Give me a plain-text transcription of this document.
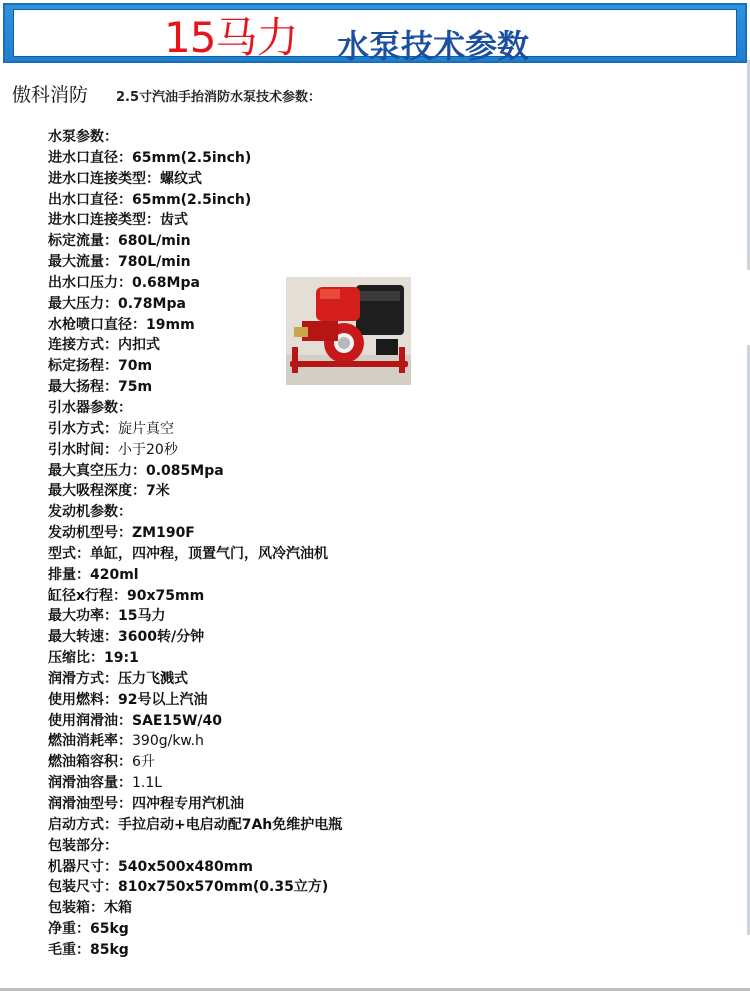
15马力 水泵技术参数
傲科消防 2.5寸汽油手抬消防水泵技术参数：
水泵参数：
进水口直径：65mm(2.5inch)
进水口连接类型：螺纹式
出水口直径：65mm(2.5inch)
进水口连接类型：齿式
标定流量：680L/min
最大流量：780L/min
出水口压力：0.68Mpa
最大压力：0.78Mpa
水枪喷口直径：19mm
连接方式：内扣式
标定扬程：70m
最大扬程：75m
引水器参数：
引水方式：旋片真空
引水时间：小于20秒
最大真空压力：0.085Mpa
最大吸程深度：7米
发动机参数：
发动机型号：ZM190F
型式：单缸，四冲程，顶置气门，风冷汽油机
排量：420ml
缸径x行程：90x75mm
最大功率：15马力
最大转速：3600转/分钟
压缩比：19:1
润滑方式：压力飞溅式
使用燃料：92号以上汽油
使用润滑油：SAE15W/40
燃油消耗率：390g/kw.h
燃油箱容积：6升
润滑油容量：1.1L
润滑油型号：四冲程专用汽机油
启动方式：手拉启动+电启动配7Ah免维护电瓶
包装部分：
机器尺寸：540x500x480mm
包装尺寸：810x750x570mm(0.35立方)
包装箱：木箱
净重：65kg
毛重：85kg
